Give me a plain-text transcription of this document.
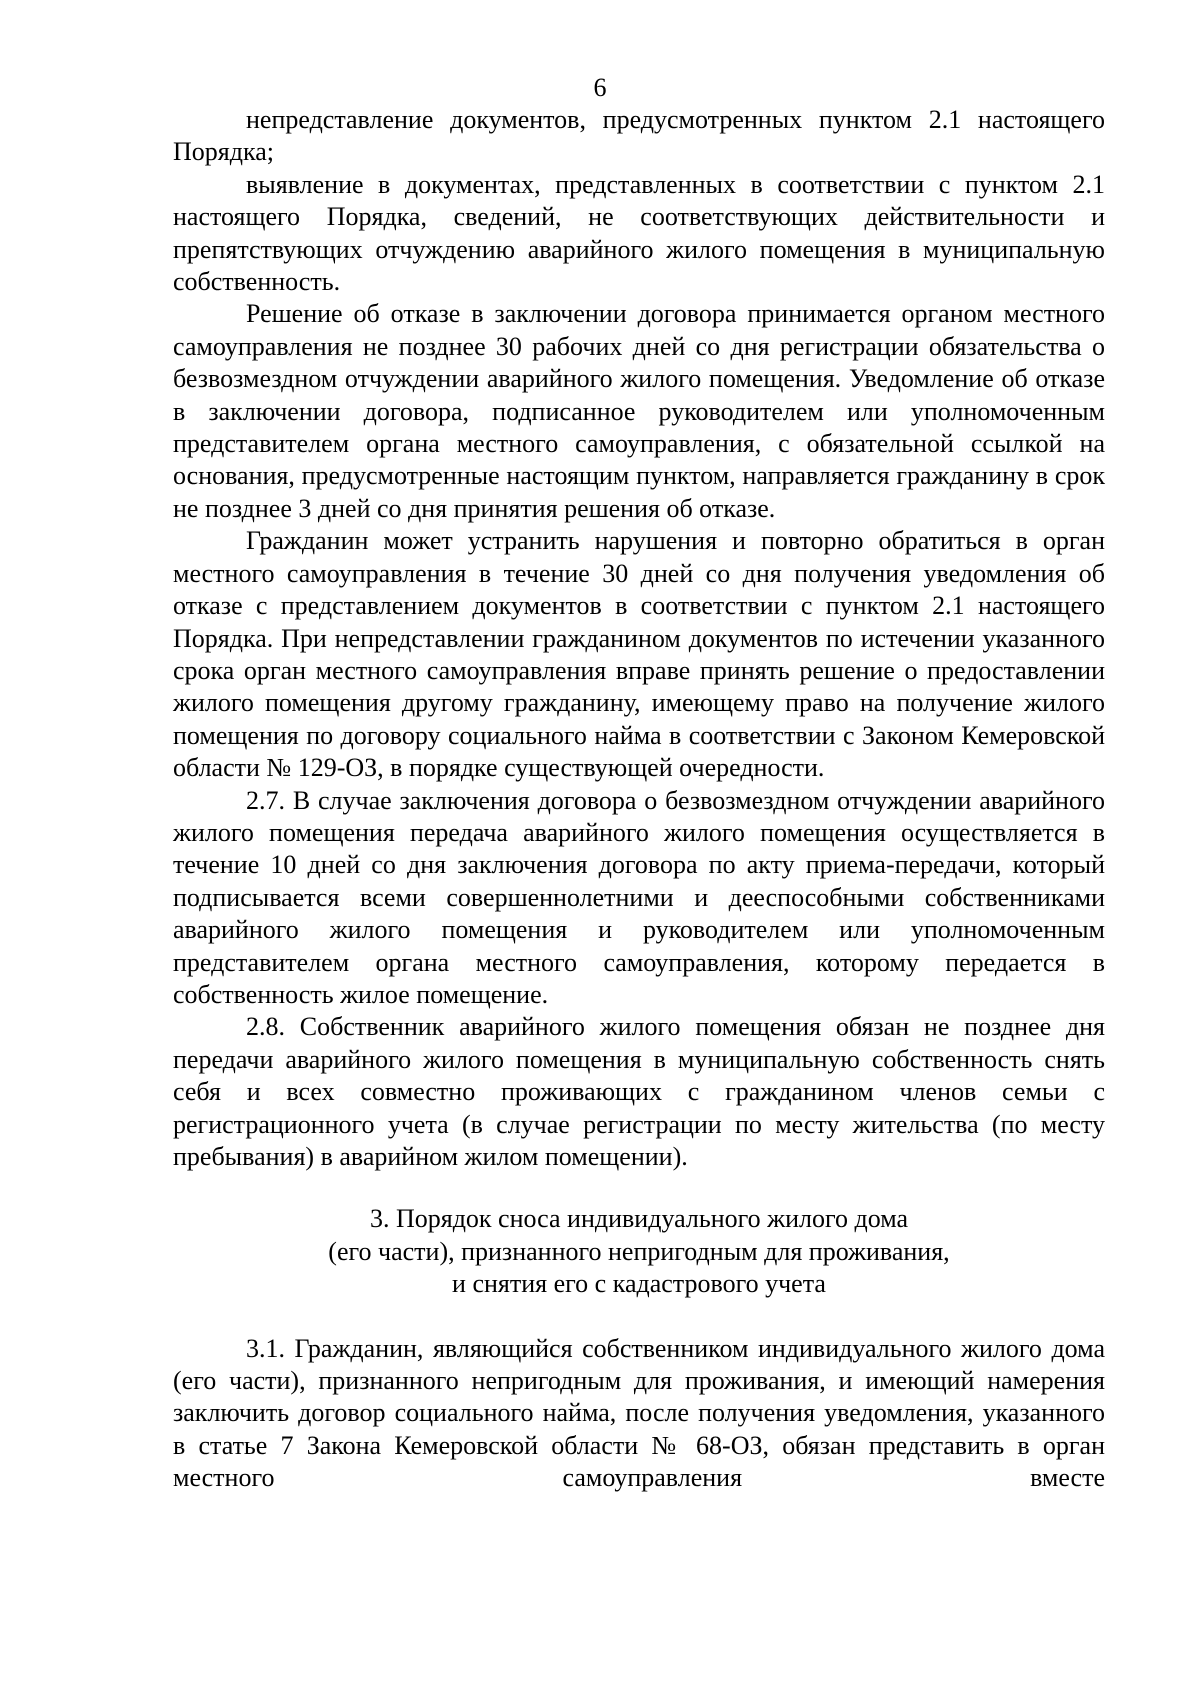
6

непредставление документов, предусмотренных пунктом 2.1 настоящего Порядка;

выявление в документах, представленных в соответствии с пунктом 2.1 настоящего Порядка, сведений, не соответствующих действительности и препятствующих отчуждению аварийного жилого помещения в муниципальную собственность.

Решение об отказе в заключении договора принимается органом местного самоуправления не позднее 30 рабочих дней со дня регистрации обязательства о безвозмездном отчуждении аварийного жилого помещения. Уведомление об отказе в заключении договора, подписанное руководителем или уполномоченным представителем органа местного самоуправления, с обязательной ссылкой на основания, предусмотренные настоящим пунктом, направляется гражданину в срок не позднее 3 дней со дня принятия решения об отказе.

Гражданин может устранить нарушения и повторно обратиться в орган местного самоуправления в течение 30 дней со дня получения уведомления об отказе с представлением документов в соответствии с пунктом 2.1 настоящего Порядка. При непредставлении гражданином документов по истечении указанного срока орган местного самоуправления вправе принять решение о предоставлении жилого помещения другому гражданину, имеющему право на получение жилого помещения по договору социального найма в соответствии с Законом Кемеровской области № 129-ОЗ, в порядке существующей очередности.

2.7. В случае заключения договора о безвозмездном отчуждении аварийного жилого помещения передача аварийного жилого помещения осуществляется в течение 10 дней со дня заключения договора по акту приема-передачи, который подписывается всеми совершеннолетними и дееспособными собственниками аварийного жилого помещения и руководителем или уполномоченным представителем органа местного самоуправления, которому передается в собственность жилое помещение.

2.8. Собственник аварийного жилого помещения обязан не позднее дня передачи аварийного жилого помещения в муниципальную собственность снять себя и всех совместно проживающих с гражданином членов семьи с регистрационного учета (в случае регистрации по месту жительства (по месту пребывания) в аварийном жилом помещении).

3. Порядок сноса индивидуального жилого дома
(его части), признанного непригодным для проживания,
и снятия его с кадастрового учета

3.1. Гражданин, являющийся собственником индивидуального жилого дома (его части), признанного непригодным для проживания, и имеющий намерения заключить договор социального найма, после получения уведомления, указанного в статье 7 Закона Кемеровской области № 68-ОЗ, обязан представить в орган местного самоуправления вместе
